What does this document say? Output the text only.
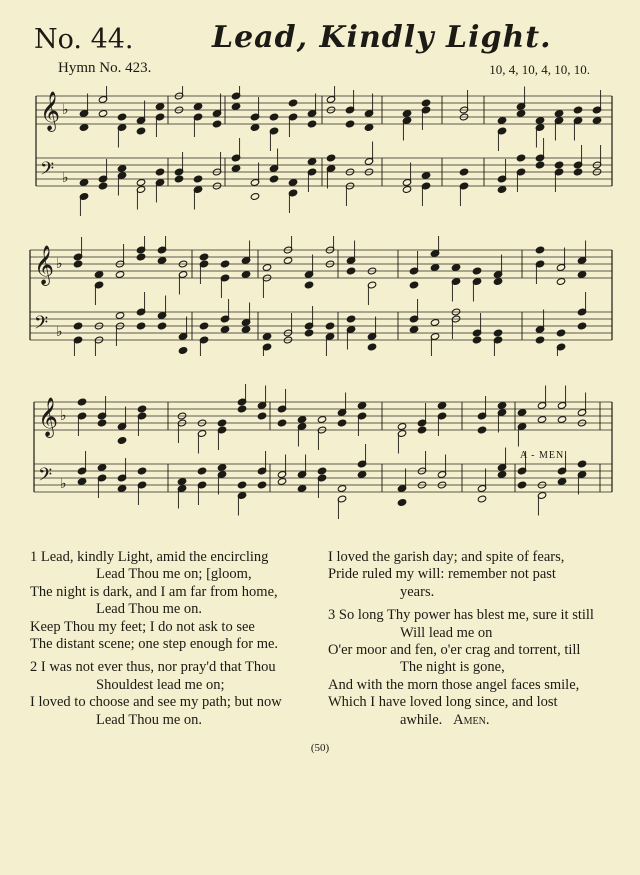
No. 44.	Lead, Kindly Light.
Hymn No. 423.	10, 4, 10, 4, 10, 10.
𝄞 ♭
𝄢 ♭
𝄞 ♭
𝄢 ♭
𝄞 ♭
𝄢 ♭
A - MEN.
1 Lead, kindly Light, amid the encircling
Lead Thou me on; [gloom,
The night is dark, and I am far from home,
Lead Thou me on.
Keep Thou my feet; I do not ask to see
The distant scene; one step enough for me.
2 I was not ever thus, nor pray'd that Thou
Shouldest lead me on;
I loved to choose and see my path; but now
Lead Thou me on.
I loved the garish day; and spite of fears,
Pride ruled my will: remember not past
years.
3 So long Thy power has blest me, sure it still
Will lead me on
O'er moor and fen, o'er crag and torrent, till
The night is gone,
And with the morn those angel faces smile,
Which I have loved long since, and lost
awhile. Amen.
(50)
